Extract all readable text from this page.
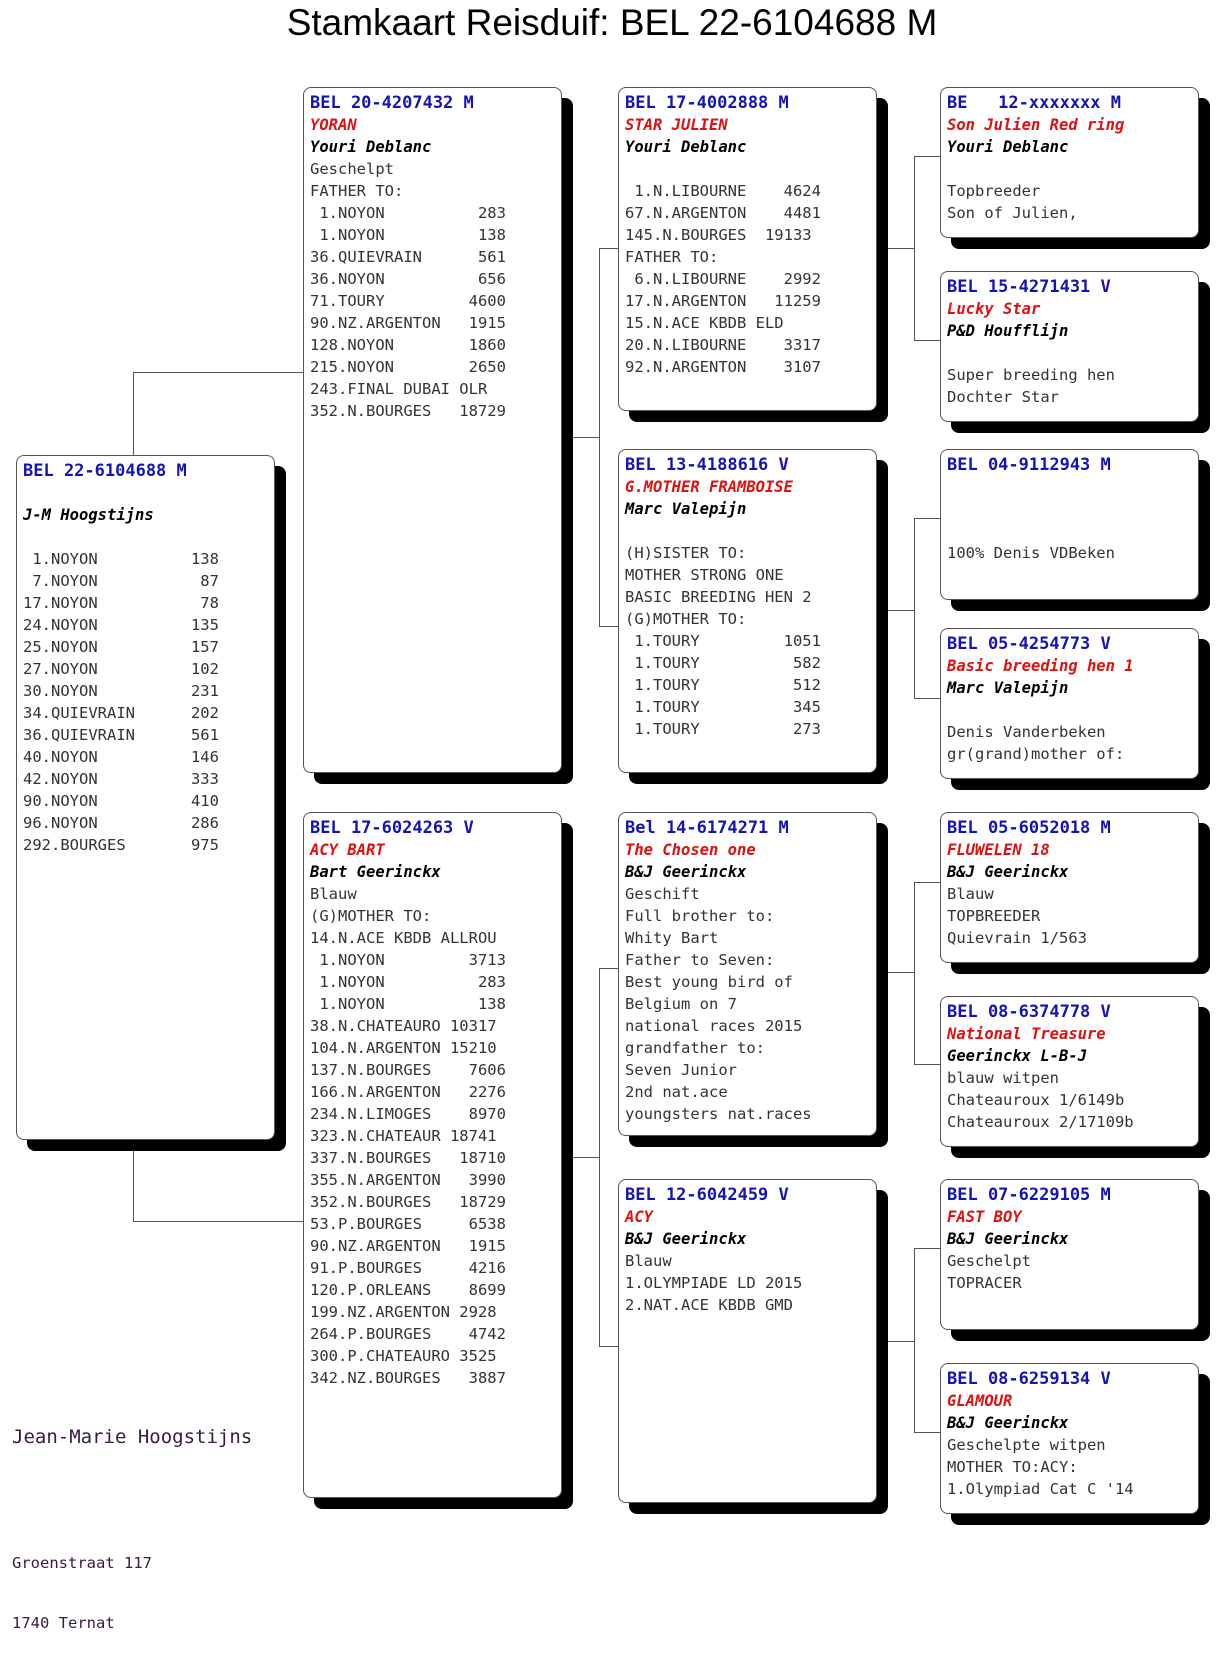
Stamkaart Reisduif: BEL 22-6104688 M
BEL 22-6104688 M
J-M Hoogstijns
1.NOYON          138
7.NOYON           87
17.NOYON           78
24.NOYON          135
25.NOYON          157
27.NOYON          102
30.NOYON          231
34.QUIEVRAIN      202
36.QUIEVRAIN      561
40.NOYON          146
42.NOYON          333
90.NOYON          410
96.NOYON          286
292.BOURGES       975
BEL 20-4207432 M
YORAN
Youri Deblanc
Geschelpt
FATHER TO:
1.NOYON          283
1.NOYON          138
36.QUIEVRAIN      561
36.NOYON          656
71.TOURY         4600
90.NZ.ARGENTON   1915
128.NOYON        1860
215.NOYON        2650
243.FINAL DUBAI OLR
352.N.BOURGES   18729
BEL 17-6024263 V
ACY BART
Bart Geerinckx
Blauw
(G)MOTHER TO:
14.N.ACE KBDB ALLROU
1.NOYON         3713
1.NOYON          283
1.NOYON          138
38.N.CHATEAURO 10317
104.N.ARGENTON 15210
137.N.BOURGES    7606
166.N.ARGENTON   2276
234.N.LIMOGES    8970
323.N.CHATEAUR 18741
337.N.BOURGES   18710
355.N.ARGENTON   3990
352.N.BOURGES   18729
53.P.BOURGES     6538
90.NZ.ARGENTON   1915
91.P.BOURGES     4216
120.P.ORLEANS    8699
199.NZ.ARGENTON 2928
264.P.BOURGES    4742
300.P.CHATEAURO 3525
342.NZ.BOURGES   3887
BEL 17-4002888 M
STAR JULIEN
Youri Deblanc
1.N.LIBOURNE    4624
67.N.ARGENTON    4481
145.N.BOURGES  19133
FATHER TO:
6.N.LIBOURNE    2992
17.N.ARGENTON   11259
15.N.ACE KBDB ELD
20.N.LIBOURNE    3317
92.N.ARGENTON    3107
BEL 13-4188616 V
G.MOTHER FRAMBOISE
Marc Valepijn
(H)SISTER TO:
MOTHER STRONG ONE
BASIC BREEDING HEN 2
(G)MOTHER TO:
1.TOURY         1051
1.TOURY          582
1.TOURY          512
1.TOURY          345
1.TOURY          273
Bel 14-6174271 M
The Chosen one
B&J Geerinckx
Geschift
Full brother to:
Whity Bart
Father to Seven:
Best young bird of
Belgium on 7
national races 2015
grandfather to:
Seven Junior
2nd nat.ace
youngsters nat.races
BEL 12-6042459 V
ACY
B&J Geerinckx
Blauw
1.OLYMPIADE LD 2015
2.NAT.ACE KBDB GMD
BE   12-xxxxxxx M
Son Julien Red ring
Youri Deblanc
Topbreeder
Son of Julien,
BEL 15-4271431 V
Lucky Star
P&D Houfflijn
Super breeding hen
Dochter Star
BEL 04-9112943 M
100% Denis VDBeken
BEL 05-4254773 V
Basic breeding hen 1
Marc Valepijn
Denis Vanderbeken
gr(grand)mother of:
BEL 05-6052018 M
FLUWELEN 18
B&J Geerinckx
Blauw
TOPBREEDER
Quievrain 1/563
BEL 08-6374778 V
National Treasure
Geerinckx L-B-J
blauw witpen
Chateauroux 1/6149b
Chateauroux 2/17109b
BEL 07-6229105 M
FAST BOY
B&J Geerinckx
Geschelpt
TOPRACER
BEL 08-6259134 V
GLAMOUR
B&J Geerinckx
Geschelpte witpen
MOTHER TO:ACY:
1.Olympiad Cat C '14

Jean-Marie Hoogstijns

Groenstraat 117

1740 Ternat
